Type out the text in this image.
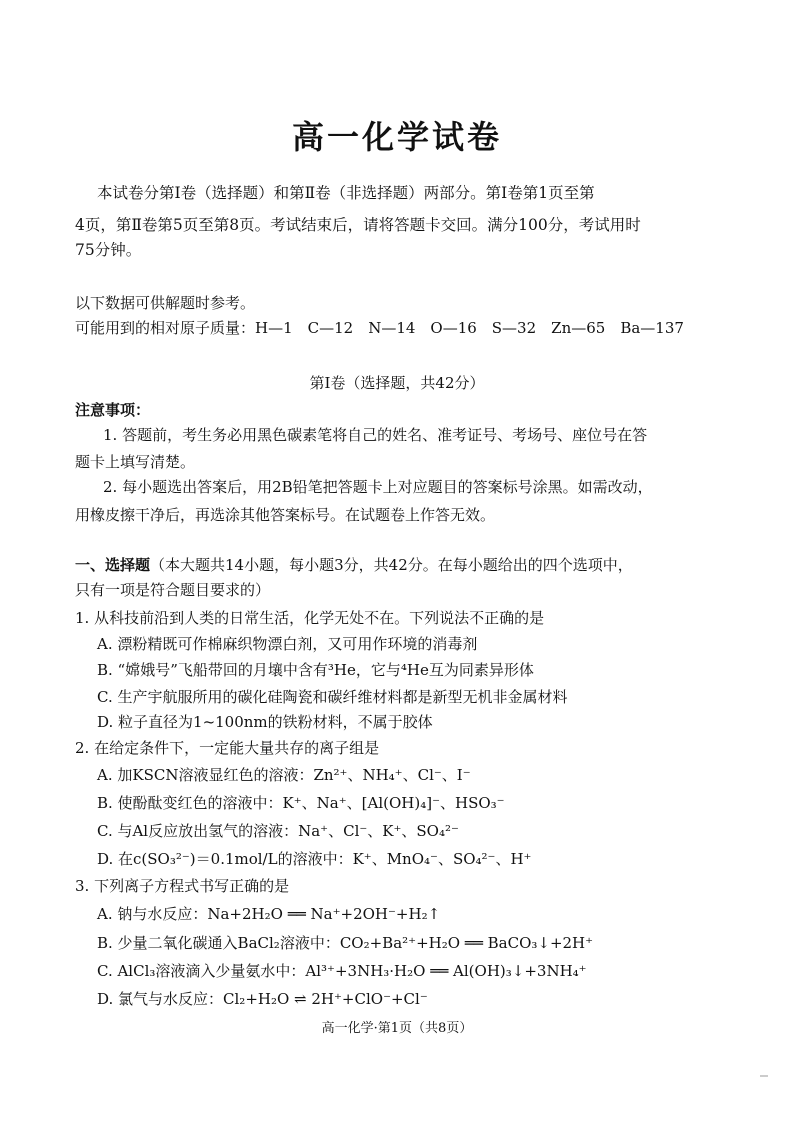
高一化学试卷
本试卷分第Ⅰ卷（选择题）和第Ⅱ卷（非选择题）两部分。第Ⅰ卷第1页至第
4页，第Ⅱ卷第5页至第8页。考试结束后，请将答题卡交回。满分100分，考试用时
75分钟。
以下数据可供解题时参考。
可能用到的相对原子质量：H—1　C—12　N—14　O—16　S—32　Zn—65　Ba—137
第Ⅰ卷（选择题，共42分）
注意事项：
1. 答题前，考生务必用黑色碳素笔将自己的姓名、准考证号、考场号、座位号在答
题卡上填写清楚。
2. 每小题选出答案后，用2B铅笔把答题卡上对应题目的答案标号涂黑。如需改动，
用橡皮擦干净后，再选涂其他答案标号。在试题卷上作答无效。
一、选择题（本大题共14小题，每小题3分，共42分。在每小题给出的四个选项中，
只有一项是符合题目要求的）
1. 从科技前沿到人类的日常生活，化学无处不在。下列说法不正确的是
A. 漂粉精既可作棉麻织物漂白剂，又可用作环境的消毒剂
B. “嫦娥号”飞船带回的月壤中含有³He，它与⁴He互为同素异形体
C. 生产宇航服所用的碳化硅陶瓷和碳纤维材料都是新型无机非金属材料
D. 粒子直径为1~100nm的铁粉材料，不属于胶体
2. 在给定条件下，一定能大量共存的离子组是
A. 加KSCN溶液显红色的溶液：Zn²⁺、NH₄⁺、Cl⁻、I⁻
B. 使酚酞变红色的溶液中：K⁺、Na⁺、[Al(OH)₄]⁻、HSO₃⁻
C. 与Al反应放出氢气的溶液：Na⁺、Cl⁻、K⁺、SO₄²⁻
D. 在c(SO₃²⁻)＝0.1mol/L的溶液中：K⁺、MnO₄⁻、SO₄²⁻、H⁺
3. 下列离子方程式书写正确的是
A. 钠与水反应：Na+2H₂O ══ Na⁺+2OH⁻+H₂↑
B. 少量二氧化碳通入BaCl₂溶液中：CO₂+Ba²⁺+H₂O ══ BaCO₃↓+2H⁺
C. AlCl₃溶液滴入少量氨水中：Al³⁺+3NH₃·H₂O ══ Al(OH)₃↓+3NH₄⁺
D. 氯气与水反应：Cl₂+H₂O ⇌ 2H⁺+ClO⁻+Cl⁻
高一化学·第1页（共8页）
